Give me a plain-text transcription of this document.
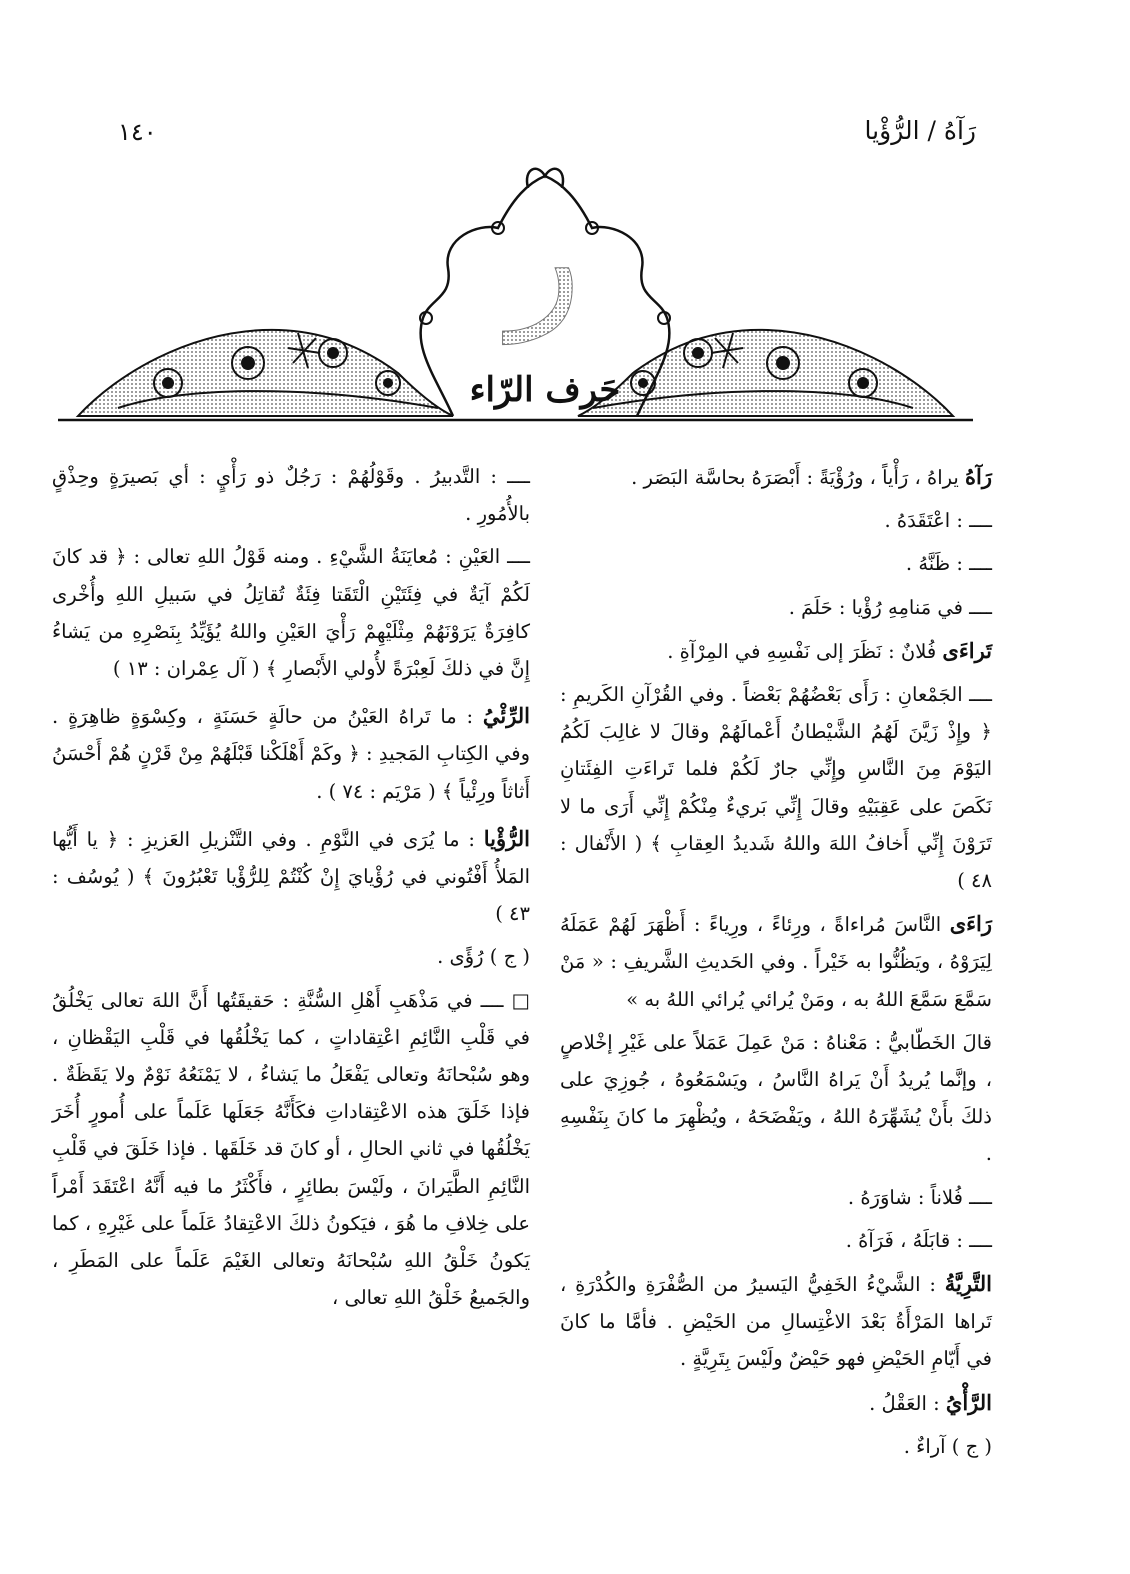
١٤٠	رَآهُ / الرُّؤْيا
ر
حَرف الرّاء
رَآهُ يراهُ ، رَأْياً ، ورُؤْيَةً : أَبْصَرَهُ بحاسَّة البَصَر .
ــــ : اعْتَقَدَهُ .
ــــ : ظَنَّهُ .
ــــ في مَنامِهِ رُؤْيا : حَلَمَ .
تَراءَى فُلانٌ : نَظَرَ إلى نَفْسِهِ في المِرْآةِ .
ــــ الجَمْعانِ : رَأَى بَعْضُهُمْ بَعْضاً . وفي القُرْآنِ الكَريمِ : ﴿ وإِذْ زَيَّنَ لَهُمُ الشَّيْطانُ أَعْمالَهُمْ وقالَ لا غالِبَ لَكُمُ اليَوْمَ مِنَ النَّاسِ وإِنِّي جارٌ لَكُمْ فلما تَراءَتِ الفِئَتانِ نَكَصَ على عَقِبَيْهِ وقالَ إِنِّي بَريءٌ مِنْكُمْ إِنِّي أَرَى ما لا تَرَوْنَ إِنِّي أَخافُ اللهَ واللهُ شَديدُ العِقابِ ﴾ ( الأَنْفال : ٤٨ )
رَاءَى النَّاسَ مُراءاةً ، ورِئاءً ، ورِياءً : أَظْهَرَ لَهُمْ عَمَلَهُ لِيَرَوْهُ ، ويَظُنُّوا به خَيْراً . وفي الحَديثِ الشَّريفِ : « مَنْ سَمَّعَ سَمَّعَ اللهُ به ، ومَنْ يُرائي يُرائي اللهُ به »
قالَ الخَطّابيُّ : مَعْناهُ : مَنْ عَمِلَ عَمَلاً على غَيْرِ إخْلاصٍ ، وإنَّما يُريدُ أَنْ يَراهُ النَّاسُ ، ويَسْمَعُوهُ ، جُوزِيَ على ذلكَ بأَنْ يُشَهِّرَهُ اللهُ ، ويَفْضَحَهُ ، ويُظْهِرَ ما كانَ بِنَفْسِهِ .
ــــ فُلاناً : شاوَرَهُ .
ــــ : قابَلَهُ ، فَرَآهُ .
التَّرِيَّةُ : الشَّيْءُ الخَفِيُّ اليَسيرُ من الصُّفْرَةِ والكُدْرَةِ ، تَراها المَرْأَةُ بَعْدَ الاغْتِسالِ من الحَيْضِ . فأمَّا ما كانَ في أَيّامِ الحَيْضِ فهو حَيْضٌ ولَيْسَ بِتَرِيَّةٍ .
الرَّأْيُ : العَقْلُ .
( ج ) آراءٌ .
ــــ : التَّدبيرُ . وقَوْلُهُمْ : رَجُلٌ ذو رَأْيٍ : أي بَصيرَةٍ وحِذْقٍ بالأُمُورِ .
ــــ العَيْنِ : مُعايَنَةُ الشَّيْءِ . ومنه قَوْلُ اللهِ تعالى : ﴿ قد كانَ لَكُمْ آيَةٌ في فِئَتَيْنِ الْتَقَتا فِئَةٌ تُقاتِلُ في سَبيلِ اللهِ وأُخْرى كافِرَةٌ يَرَوْنَهُمْ مِثْلَيْهِمْ رَأْيَ العَيْنِ واللهُ يُؤَيِّدُ بِنَصْرِهِ من يَشاءُ إِنَّ في ذلكَ لَعِبْرَةً لأُولي الأَبْصارِ ﴾ ( آل عِمْران : ١٣ )
الرِّئْيُ : ما تَراهُ العَيْنُ من حالَةٍ حَسَنَةٍ ، وكِسْوَةٍ ظاهِرَةٍ . وفي الكِتابِ المَجيدِ : ﴿ وكَمْ أَهْلَكْنا قَبْلَهُمْ مِنْ قَرْنٍ هُمْ أَحْسَنُ أَثاثاً ورِئْياً ﴾ ( مَرْيَم : ٧٤ ) .
الرُّؤْيا : ما يُرَى في النَّوْمِ . وفي التَّنْزيلِ العَزيزِ : ﴿ يا أَيُّها المَلأُ أَفْتُوني في رُؤْيايَ إِنْ كُنْتُمْ لِلرُّؤْيا تَعْبُرُونَ ﴾ ( يُوسُف : ٤٣ )
( ج ) رُؤًى .
□ ــــ في مَذْهَبِ أَهْلِ السُّنَّةِ : حَقيقَتُها أَنَّ اللهَ تعالى يَخْلُقُ في قَلْبِ النَّائِمِ اعْتِقاداتٍ ، كما يَخْلُقُها في قَلْبِ اليَقْظانِ ، وهو سُبْحانَهُ وتعالى يَفْعَلُ ما يَشاءُ ، لا يَمْنَعُهُ نَوْمٌ ولا يَقَظَةٌ . فإذا خَلَقَ هذه الاعْتِقاداتِ فكَأَنَّهُ جَعَلَها عَلَماً على أُمورٍ أُخَرَ يَخْلُقُها في ثاني الحالِ ، أو كانَ قد خَلَقَها . فإذا خَلَقَ في قَلْبِ النَّائِمِ الطَّيَرانَ ، ولَيْسَ بطائِرٍ ، فأَكْثَرُ ما فيه أَنَّهُ اعْتَقَدَ أَمْراً على خِلافِ ما هُوَ ، فيَكونُ ذلكَ الاعْتِقادُ عَلَماً على غَيْرِهِ ، كما يَكونُ خَلْقُ اللهِ سُبْحانَهُ وتعالى الغَيْمَ عَلَماً على المَطَرِ ، والجَميعُ خَلْقُ اللهِ تعالى ،
